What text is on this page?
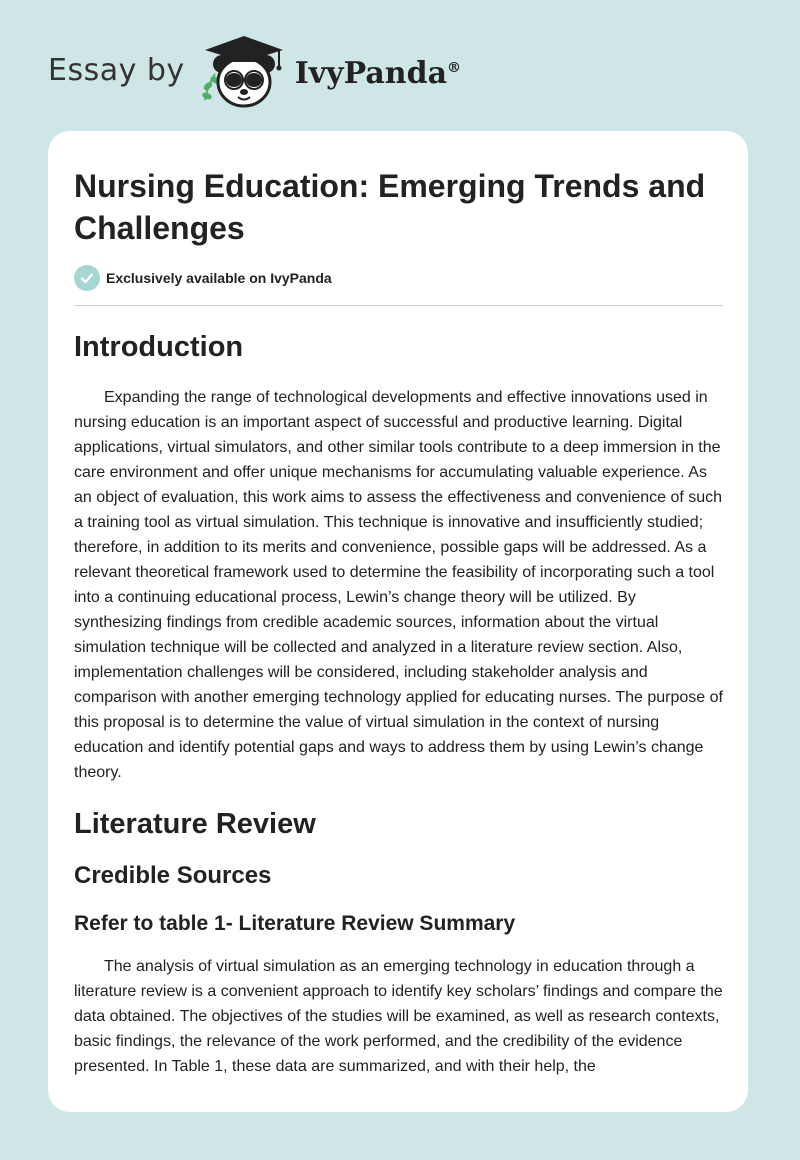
Essay by	IvyPanda®
Nursing Education: Emerging Trends and Challenges
Exclusively available on IvyPanda
Introduction

Expanding the range of technological developments and effective innovations used in nursing education is an important aspect of successful and productive learning. Digital applications, virtual simulators, and other similar tools contribute to a deep immersion in the care environment and offer unique mechanisms for accumulating valuable experience. As an object of evaluation, this work aims to assess the effectiveness and convenience of such a training tool as virtual simulation. This technique is innovative and insufficiently studied; therefore, in addition to its merits and convenience, possible gaps will be addressed. As a relevant theoretical framework used to determine the feasibility of incorporating such a tool into a continuing educational process, Lewin’s change theory will be utilized. By synthesizing findings from credible academic sources, information about the virtual simulation technique will be collected and analyzed in a literature review section. Also, implementation challenges will be considered, including stakeholder analysis and comparison with another emerging technology applied for educating nurses. The purpose of this proposal is to determine the value of virtual simulation in the context of nursing education and identify potential gaps and ways to address them by using Lewin’s change theory.

Literature Review
Credible Sources
Refer to table 1- Literature Review Summary

The analysis of virtual simulation as an emerging technology in education through a literature review is a convenient approach to identify key scholars’ findings and compare the data obtained. The objectives of the studies will be examined, as well as research contexts, basic findings, the relevance of the work performed, and the credibility of the evidence presented. In Table 1, these data are summarized, and with their help, the
